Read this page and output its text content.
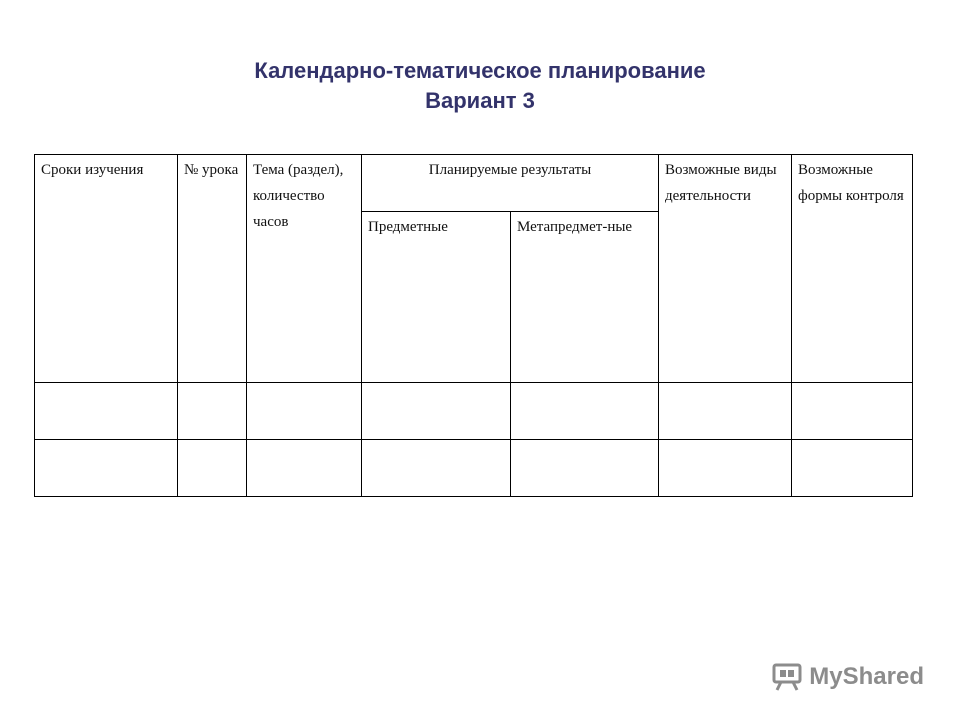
Календарно-тематическое планирование
Вариант 3
Сроки изучения	№ урока	Тема (раздел), количество часов	Планируемые результаты		Возможные виды деятельности	Возможные формы контроля
			Предметные	Метапредмет-ные		

MyShared
